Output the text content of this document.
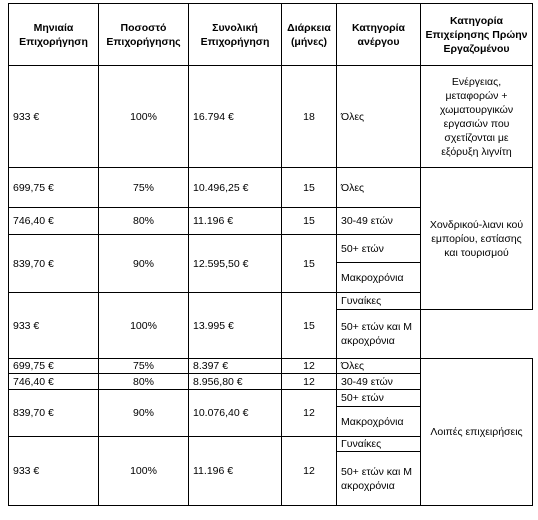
Μηνιαία Επιχορήγηση	Ποσοστό Επιχορήγησης	Συνολική Επιχορήγηση	Διάρκεια (μήνες)	Κατηγορία ανέργου	Κατηγορία Επιχείρησης Πρώην Εργαζομένου
933 €	100%	16.794 €	18	Όλες	Ενέργειας, μεταφορών + χωματουργικών εργασιών που σχετίζονται με εξόρυξη λιγνίτη
699,75 €	75%	10.496,25 €	15	Όλες	Χονδρικού-λιανι κού εμπορίου, εστίασης και τουρισμού
746,40 €	80%	11.196 €	15	30-49 ετών	
839,70 €	90%	12.595,50 €	15	50+ ετών	
				Μακροχρόνια	
933 €	100%	13.995 €	15	Γυναίκες	
				50+ ετών και Μακροχρόνια	
699,75 €	75%	8.397 €	12	Όλες	Λοιπές επιχειρήσεις
746,40 €	80%	8.956,80 €	12	30-49 ετών	
839,70 €	90%	10.076,40 €	12	50+ ετών	
				Μακροχρόνια	
933 €	100%	11.196 €	12	Γυναίκες	
				50+ ετών και Μακροχρόνια	
